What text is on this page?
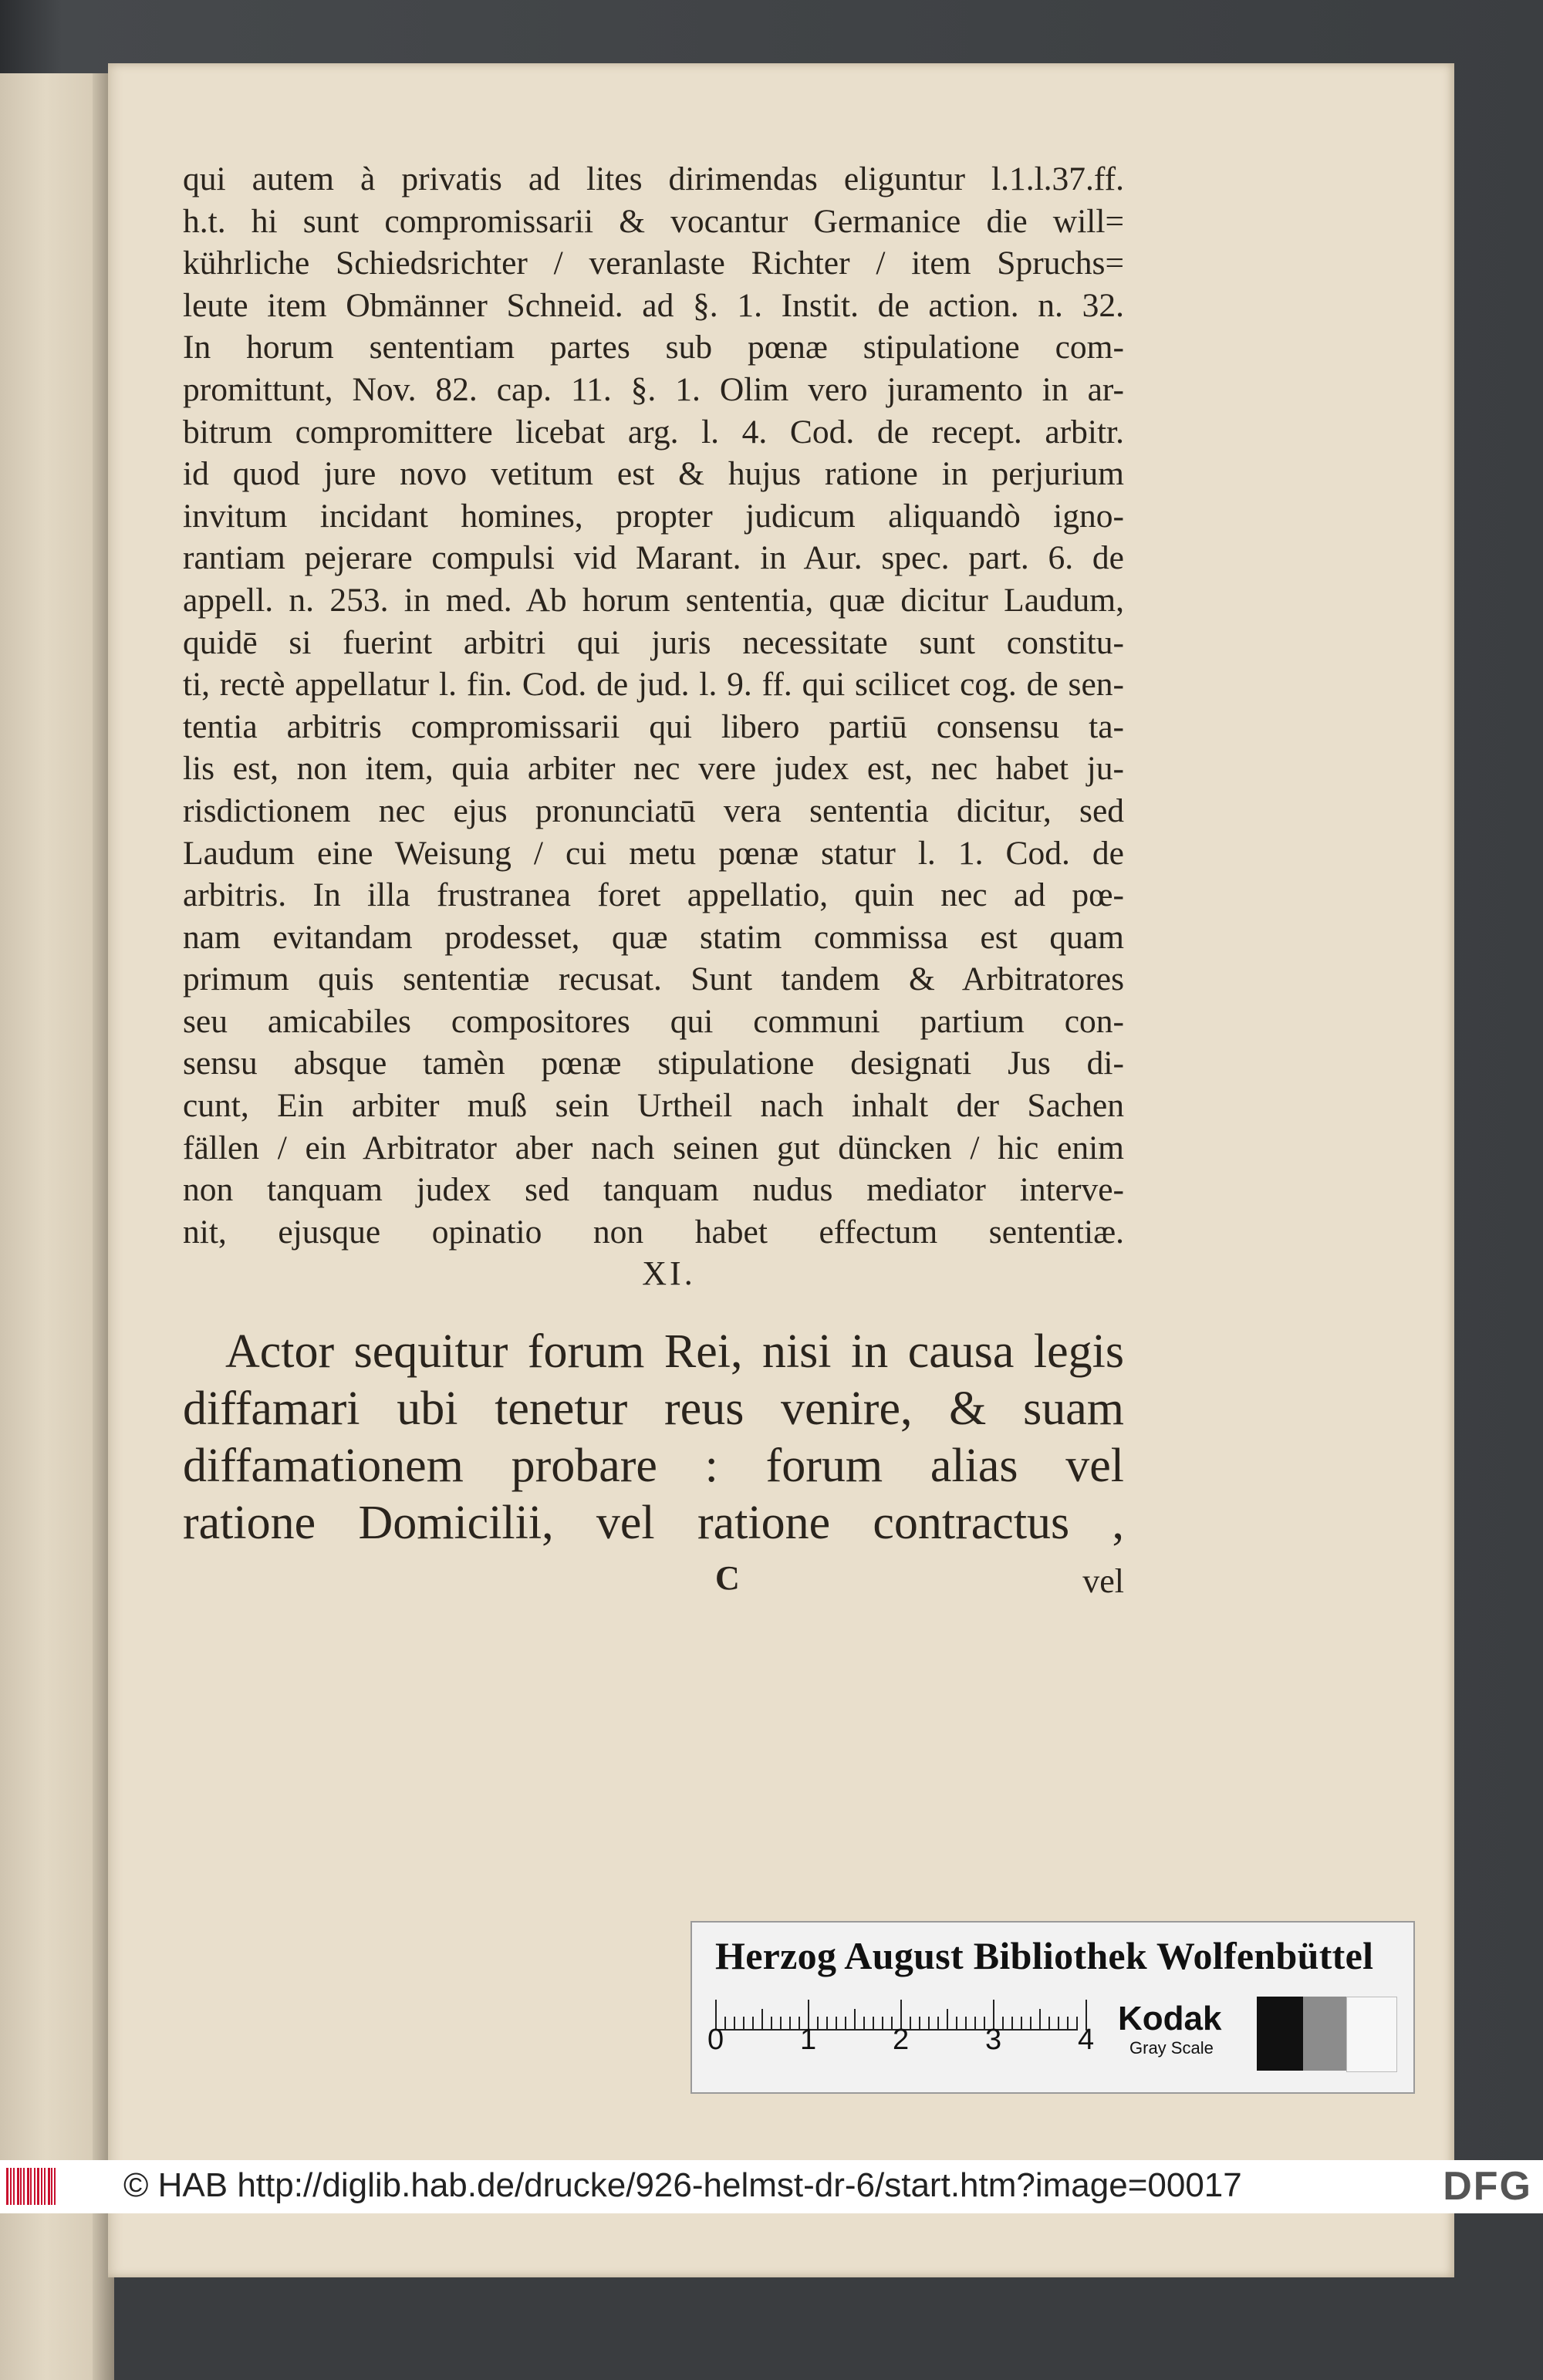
qui autem à privatis ad lites dirimendas eliguntur l.1.l.37.ff.
h.t. hi sunt compromissarii & vocantur Germanice die will=
kührliche Schiedsrichter / veranlaste Richter / item Spruchs=
leute item Obmänner Schneid. ad §. 1. Instit. de action. n. 32.
In horum sententiam partes sub pœnæ stipulatione com-
promittunt, Nov. 82. cap. 11. §. 1. Olim vero juramento in ar-
bitrum compromittere licebat arg. l. 4. Cod. de recept. arbitr.
id quod jure novo vetitum est & hujus ratione in perjurium
invitum incidant homines, propter judicum aliquandò igno-
rantiam pejerare compulsi vid Marant. in Aur. spec. part. 6. de
appell. n. 253. in med. Ab horum sententia, quæ dicitur Laudum,
quidē si fuerint arbitri qui juris necessitate sunt constitu-
ti, rectè appellatur l. fin. Cod. de jud. l. 9. ff. qui scilicet cog. de sen-
tentia arbitris compromissarii qui libero partiū consensu ta-
lis est, non item, quia arbiter nec vere judex est, nec habet ju-
risdictionem nec ejus pronunciatū vera sententia dicitur, sed
Laudum eine Weisung / cui metu pœnæ statur l. 1. Cod. de
arbitris. In illa frustranea foret appellatio, quin nec ad pœ-
nam evitandam prodesset, quæ statim commissa est quam
primum quis sententiæ recusat. Sunt tandem & Arbitratores
seu amicabiles compositores qui communi partium con-
sensu absque tamèn pœnæ stipulatione designati Jus di-
cunt, Ein arbiter muß sein Urtheil nach inhalt der Sachen
fällen / ein Arbitrator aber nach seinen gut düncken / hic enim
non tanquam judex sed tanquam nudus mediator interve-
nit, ejusque opinatio non habet effectum sententiæ.
XI.
Actor sequitur forum Rei, nisi in causa legis
diffamari ubi tenetur reus venire, & suam
diffamationem probare : forum alias vel
ratione Domicilii, vel ratione contractus ,
C	vel
Herzog August Bibliothek Wolfenbüttel
0	1	2	3	4
Kodak
Gray Scale
© HAB http://diglib.hab.de/drucke/926-helmst-dr-6/start.htm?image=00017	DFG
